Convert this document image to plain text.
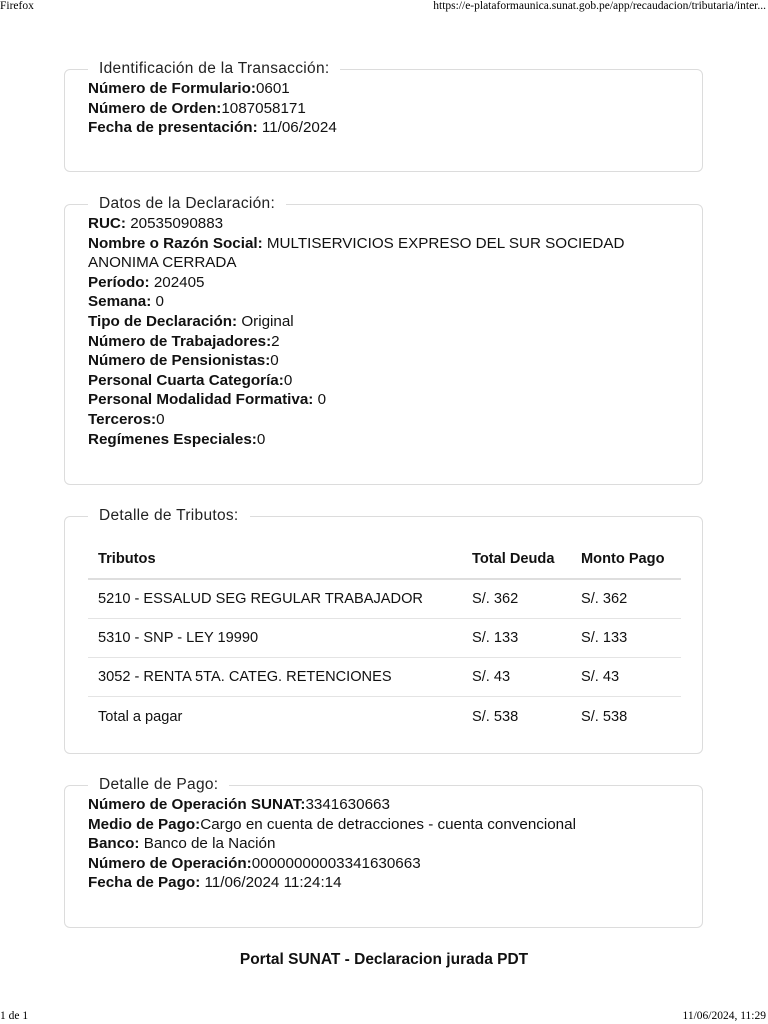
Firefox	https://e-plataformaunica.sunat.gob.pe/app/recaudacion/tributaria/inter...
Identificación de la Transacción:
Número de Formulario:0601
Número de Orden:1087058171
Fecha de presentación: 11/06/2024
Datos de la Declaración:
RUC: 20535090883
Nombre o Razón Social: MULTISERVICIOS EXPRESO DEL SUR SOCIEDAD ANONIMA CERRADA
Período: 202405
Semana: 0
Tipo de Declaración: Original
Número de Trabajadores:2
Número de Pensionistas:0
Personal Cuarta Categoría:0
Personal Modalidad Formativa: 0
Terceros:0
Regímenes Especiales:0
Detalle de Tributos:
Tributos	Total Deuda	Monto Pago
5210 - ESSALUD SEG REGULAR TRABAJADOR	S/. 362	S/. 362
5310 - SNP - LEY 19990	S/. 133	S/. 133
3052 - RENTA 5TA. CATEG. RETENCIONES	S/. 43	S/. 43
Total a pagar	S/. 538	S/. 538
Detalle de Pago:
Número de Operación SUNAT:3341630663
Medio de Pago:Cargo en cuenta de detracciones - cuenta convencional
Banco: Banco de la Nación
Número de Operación:00000000003341630663
Fecha de Pago: 11/06/2024 11:24:14
Portal SUNAT - Declaracion jurada PDT
1 de 1	11/06/2024, 11:29
